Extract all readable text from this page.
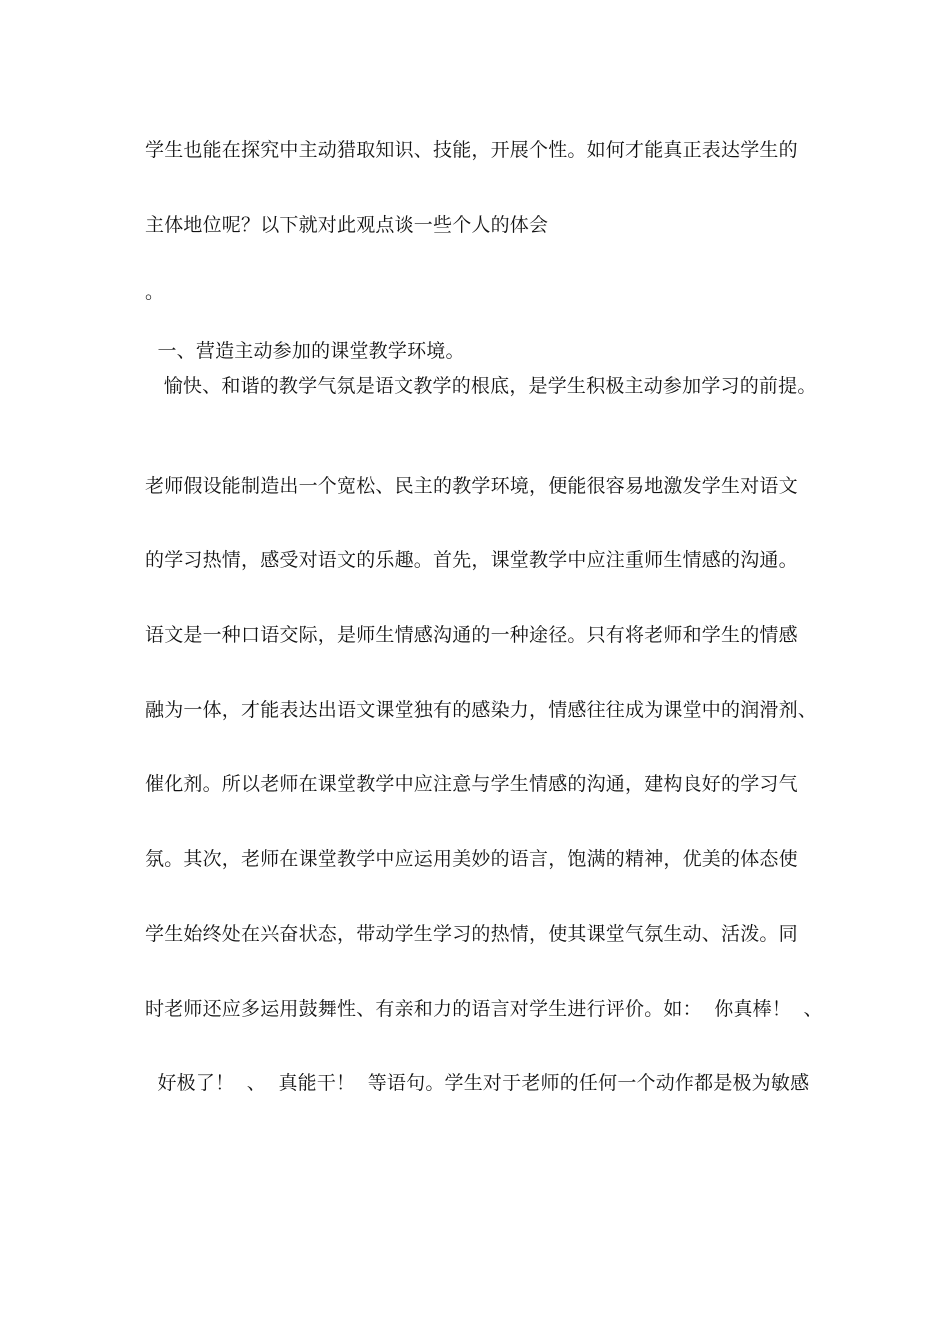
学生也能在探究中主动猎取知识、技能，开展个性。如何才能真正表达学生的
主体地位呢？以下就对此观点谈一些个人的体会
。
一、营造主动参加的课堂教学环境。
愉快、和谐的教学气氛是语文教学的根底，是学生积极主动参加学习的前提。
老师假设能制造出一个宽松、民主的教学环境，便能很容易地激发学生对语文
的学习热情，感受对语文的乐趣。首先，课堂教学中应注重师生情感的沟通。
语文是一种口语交际，是师生情感沟通的一种途径。只有将老师和学生的情感
融为一体，才能表达出语文课堂独有的感染力，情感往往成为课堂中的润滑剂、
催化剂。所以老师在课堂教学中应注意与学生情感的沟通，建构良好的学习气
氛。其次，老师在课堂教学中应运用美妙的语言，饱满的精神，优美的体态使
学生始终处在兴奋状态，带动学生学习的热情，使其课堂气氛生动、活泼。同
时老师还应多运用鼓舞性、有亲和力的语言对学生进行评价。如：  你真棒！  、
好极了！  、  真能干！  等语句。学生对于老师的任何一个动作都是极为敏感
